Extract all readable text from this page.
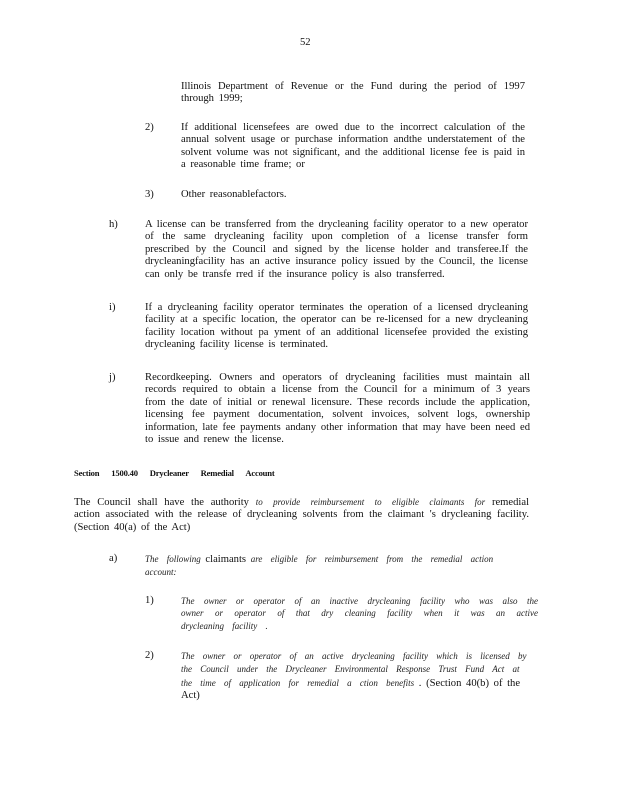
52
Illinois Department of Revenue or the Fund during the period of 1997 through 1999;
2)	If additional licensefees are owed due to the incorrect calculation of the annual solvent usage or purchase information andthe understatement of the solvent volume was not significant, and the additional license fee is paid in a reasonable time frame; or
3)	Other reasonablefactors.
h)	A license can be transferred from the drycleaning facility operator to a new operator of the same drycleaning facility upon completion of a license transfer form prescribed by the Council and signed by the license holder and transferee.If the drycleaningfacility has an active insurance policy issued by the Council, the license can only be transfe rred if the insurance policy is also transferred.
i)	If a drycleaning facility operator terminates the operation of a licensed drycleaning facility at a specific location, the operator can be re-licensed for a new drycleaning facility location without pa yment of an additional licensefee provided the existing drycleaning facility license is terminated.
j)	Recordkeeping. Owners and operators of drycleaning facilities must maintain all records required to obtain a license from the Council for a minimum of 3 years from the date of initial or renewal licensure. These records include the application, licensing fee payment documentation, solvent invoices, solvent logs, ownership information, late fee payments andany other information that may have been need ed to issue and renew the license.
Section 1500.40 Drycleaner Remedial Account
The Council shall have the authority to provide reimbursement to eligible claimants for remedial action associated with the release of drycleaning solvents from the claimant 's drycleaning facility. (Section 40(a) of the Act)
a)	The following claimants are eligible for reimbursement from the remedial action account:
1)	The owner or operator of an inactive drycleaning facility who was also the owner or operator of that dry cleaning facility when it was an active drycleaning facility .
2)	The owner or operator of an active drycleaning facility which is licensed by the Council under the Drycleaner Environmental Response Trust Fund Act at the time of application for remedial a ction benefits . (Section 40(b) of the Act)
